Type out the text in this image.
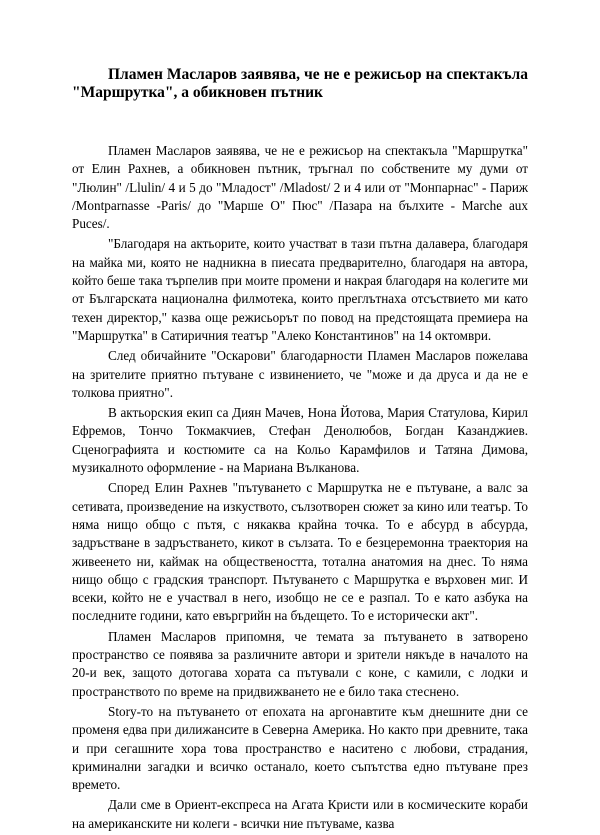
Пламен Масларов заявява, че не е режисьор на спектакъла "Маршрутка", а обикновен пътник

Пламен Масларов заявява, че не е режисьор на спектакъла "Маршрутка" от Елин Рахнев, а обикновен пътник, тръгнал по собствените му думи от "Люлин" /Llulin/ 4 и 5 до "Младост" /Mladost/ 2 и 4 или от "Монпарнас" - Париж /Montparnasse -Paris/ до "Марше О" Пюс" /Пазара на бълхите - Marche aux Puces/.

"Благодаря на актьорите, които участват в тази пътна далавера, благодаря на майка ми, която не надникна в пиесата предварително, благодаря на автора, който беше така търпелив при моите промени и накрая благодаря на колегите ми от Българската национална филмотека, които преглътнаха отсъствието ми като техен директор," казва още режисьорът по повод на предстоящата премиера на "Маршрутка" в Сатиричния театър "Алеко Константинов" на 14 октомври.

След обичайните "Оскарови" благодарности Пламен Масларов пожелава на зрителите приятно пътуване с извинението, че "може и да друса и да не е толкова приятно".

В актьорския екип са Диян Мачев, Нона Йотова, Мария Статулова, Кирил Ефремов, Тончо Токмакчиев, Стефан Денолюбов, Богдан Казанджиев. Сценографията и костюмите са на Кольо Карамфилов и Татяна Димова, музикалното оформление - на Мариана Вълканова.

Според Елин Рахнев "пътуването с Маршрутка не е пътуване, а валс за сетивата, произведение на изкуството, сълзотворен сюжет за кино или театър. То няма нищо общо с пътя, с някаква крайна точка. То е абсурд в абсурда, задръстване в задръстването, кикот в сълзата. То е безцеремонна траектория на живеенето ни, каймак на обществеността, тотална анатомия на днес. То няма нищо общо с градския транспорт. Пътуването с Маршрутка е върховен миг. И всеки, който не е участвал в него, изобщо не се е разпал. То е като азбука на последните години, като евъргрийн на бъдещето. То е исторически акт".

Пламен Масларов припомня, че темата за пътуването в затворено пространство се появява за различните автори и зрители някъде в началото на 20-и век, защото дотогава хората са пътували с коне, с камили, с лодки и пространството по време на придвижването не е било така стеснено.

Story-то на пътуването от епохата на аргонавтите към днешните дни се променя едва при дилижансите в Северна Америка. Но както при древните, така и при сегашните хора това пространство е наситено с любови, страдания, криминални загадки и всичко останало, което съпътства едно пътуване през времето.

Дали сме в Ориент-експреса на Агата Кристи или в космическите кораби на американските ни колеги - всички ние пътуваме, казва
